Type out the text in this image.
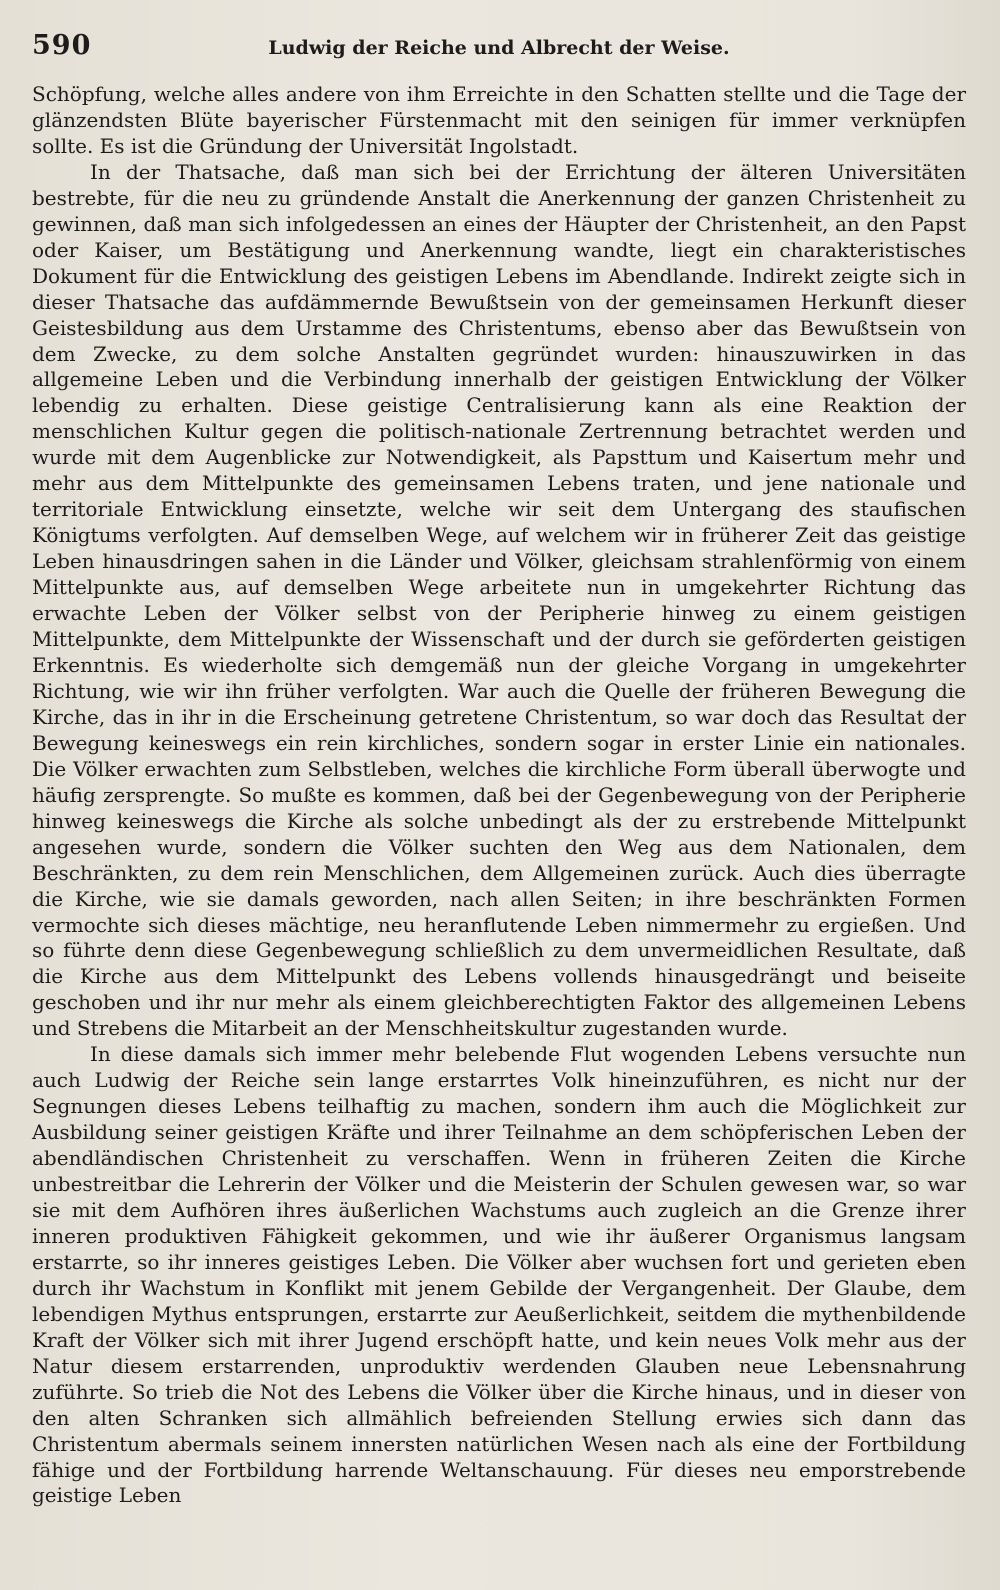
590	Ludwig der Reiche und Albrecht der Weise.

Schöpfung, welche alles andere von ihm Erreichte in den Schatten stellte und die Tage der glänzendsten Blüte bayerischer Fürstenmacht mit den seinigen für immer verknüpfen sollte. Es ist die Gründung der Universität Ingolstadt.

In der Thatsache, daß man sich bei der Errichtung der älteren Universitäten bestrebte, für die neu zu gründende Anstalt die Anerkennung der ganzen Christenheit zu gewinnen, daß man sich infolgedessen an eines der Häupter der Christenheit, an den Papst oder Kaiser, um Bestätigung und Anerkennung wandte, liegt ein charakteristisches Dokument für die Entwicklung des geistigen Lebens im Abendlande. Indirekt zeigte sich in dieser Thatsache das aufdämmernde Bewußtsein von der gemeinsamen Herkunft dieser Geistesbildung aus dem Urstamme des Christentums, ebenso aber das Bewußtsein von dem Zwecke, zu dem solche Anstalten gegründet wurden: hinauszuwirken in das allgemeine Leben und die Verbindung innerhalb der geistigen Entwicklung der Völker lebendig zu erhalten. Diese geistige Centralisierung kann als eine Reaktion der menschlichen Kultur gegen die politisch-nationale Zertrennung betrachtet werden und wurde mit dem Augenblicke zur Notwendigkeit, als Papsttum und Kaisertum mehr und mehr aus dem Mittelpunkte des gemeinsamen Lebens traten, und jene nationale und territoriale Entwicklung einsetzte, welche wir seit dem Untergang des staufischen Königtums verfolgten. Auf demselben Wege, auf welchem wir in früherer Zeit das geistige Leben hinausdringen sahen in die Länder und Völker, gleichsam strahlenförmig von einem Mittelpunkte aus, auf demselben Wege arbeitete nun in umgekehrter Richtung das erwachte Leben der Völker selbst von der Peripherie hinweg zu einem geistigen Mittelpunkte, dem Mittelpunkte der Wissenschaft und der durch sie geförderten geistigen Erkenntnis. Es wiederholte sich demgemäß nun der gleiche Vorgang in umgekehrter Richtung, wie wir ihn früher verfolgten. War auch die Quelle der früheren Bewegung die Kirche, das in ihr in die Erscheinung getretene Christentum, so war doch das Resultat der Bewegung keineswegs ein rein kirchliches, sondern sogar in erster Linie ein nationales. Die Völker erwachten zum Selbstleben, welches die kirchliche Form überall überwogte und häufig zersprengte. So mußte es kommen, daß bei der Gegenbewegung von der Peripherie hinweg keineswegs die Kirche als solche unbedingt als der zu erstrebende Mittelpunkt angesehen wurde, sondern die Völker suchten den Weg aus dem Nationalen, dem Beschränkten, zu dem rein Menschlichen, dem Allgemeinen zurück. Auch dies überragte die Kirche, wie sie damals geworden, nach allen Seiten; in ihre beschränkten Formen vermochte sich dieses mächtige, neu heranflutende Leben nimmermehr zu ergießen. Und so führte denn diese Gegenbewegung schließlich zu dem unvermeidlichen Resultate, daß die Kirche aus dem Mittelpunkt des Lebens vollends hinausgedrängt und beiseite geschoben und ihr nur mehr als einem gleichberechtigten Faktor des allgemeinen Lebens und Strebens die Mitarbeit an der Menschheitskultur zugestanden wurde.

In diese damals sich immer mehr belebende Flut wogenden Lebens versuchte nun auch Ludwig der Reiche sein lange erstarrtes Volk hineinzuführen, es nicht nur der Segnungen dieses Lebens teilhaftig zu machen, sondern ihm auch die Möglichkeit zur Ausbildung seiner geistigen Kräfte und ihrer Teilnahme an dem schöpferischen Leben der abendländischen Christenheit zu verschaffen. Wenn in früheren Zeiten die Kirche unbestreitbar die Lehrerin der Völker und die Meisterin der Schulen gewesen war, so war sie mit dem Aufhören ihres äußerlichen Wachstums auch zugleich an die Grenze ihrer inneren produktiven Fähigkeit gekommen, und wie ihr äußerer Organismus langsam erstarrte, so ihr inneres geistiges Leben. Die Völker aber wuchsen fort und gerieten eben durch ihr Wachstum in Konflikt mit jenem Gebilde der Vergangenheit. Der Glaube, dem lebendigen Mythus entsprungen, erstarrte zur Aeußerlichkeit, seitdem die mythenbildende Kraft der Völker sich mit ihrer Jugend erschöpft hatte, und kein neues Volk mehr aus der Natur diesem erstarrenden, unproduktiv werdenden Glauben neue Lebensnahrung zuführte. So trieb die Not des Lebens die Völker über die Kirche hinaus, und in dieser von den alten Schranken sich allmählich befreienden Stellung erwies sich dann das Christentum abermals seinem innersten natürlichen Wesen nach als eine der Fortbildung fähige und der Fortbildung harrende Weltanschauung. Für dieses neu emporstrebende geistige Leben
